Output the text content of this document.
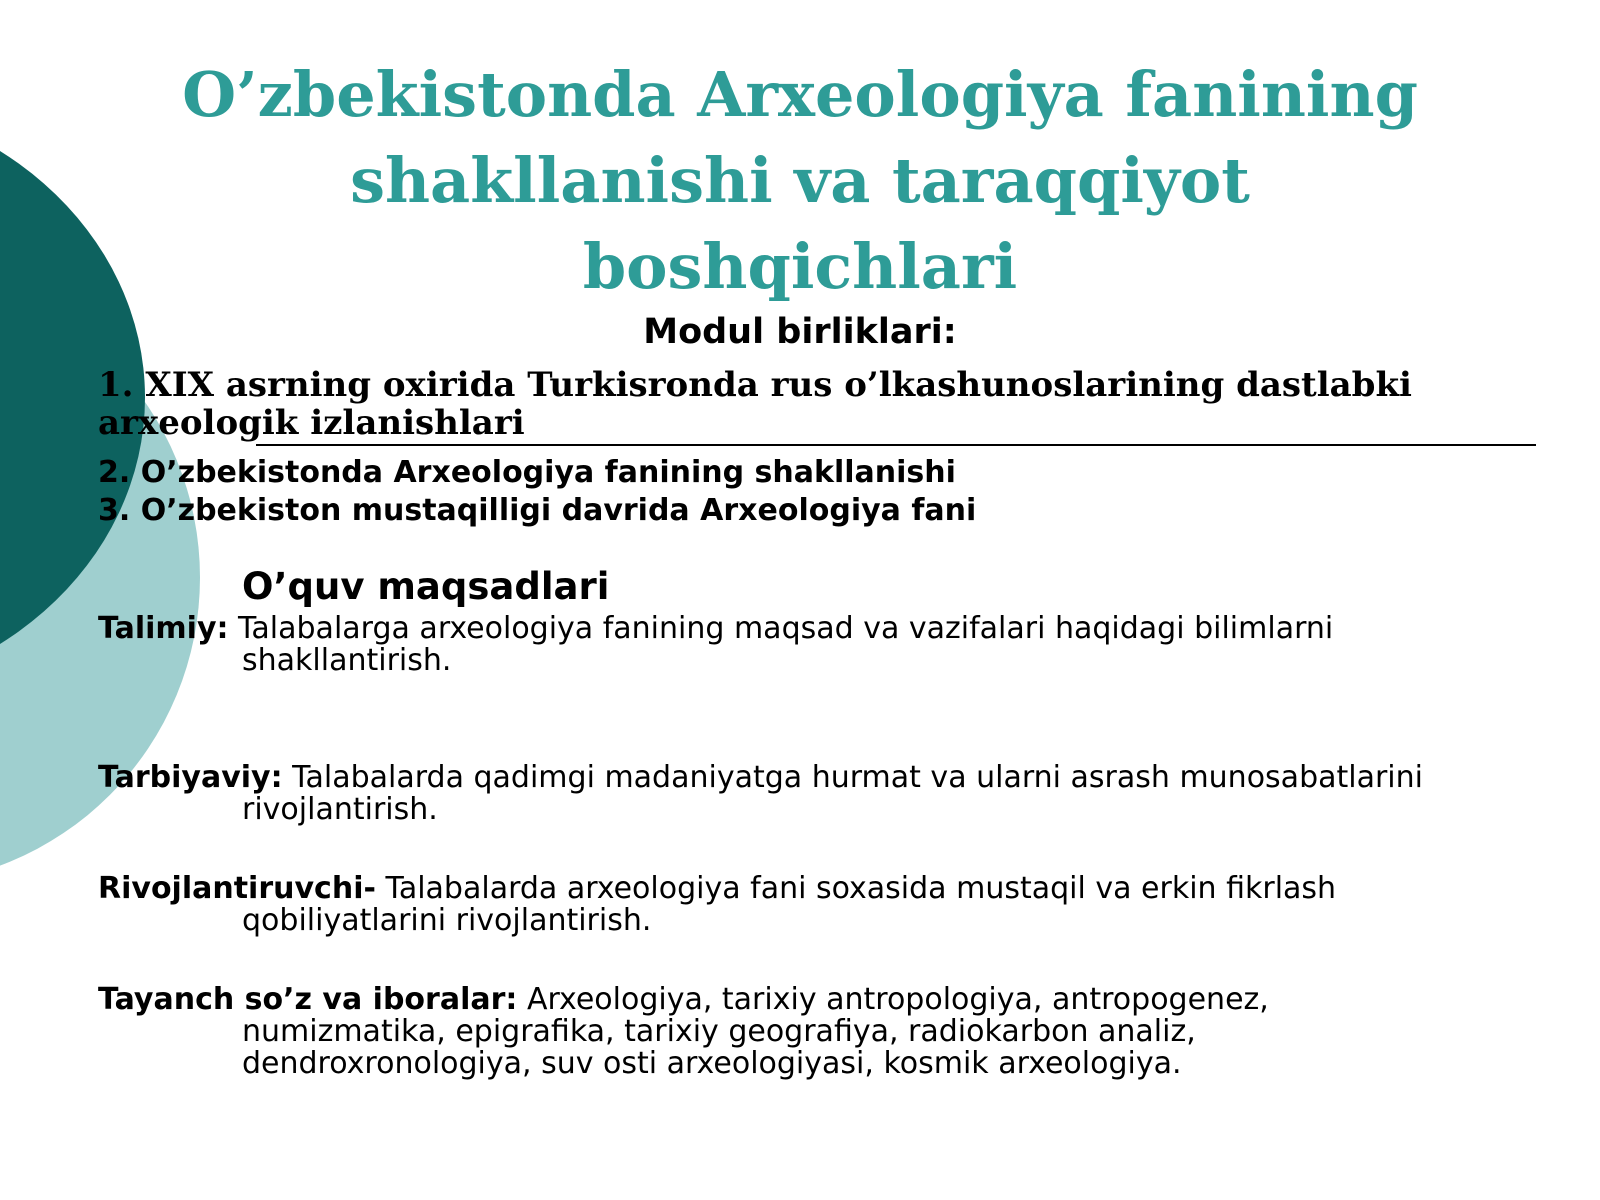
O’zbekistonda Arxeologiya fanining
shakllanishi va taraqqiyot boshqichlari
Modul birliklari:

1. XIX asrning oxirida Turkisronda rus o’lkashunoslarining dastlabki arxeologik izlanishlari

2. O’zbekistonda Arxeologiya fanining shakllanishi

3. O’zbekiston mustaqilligi davrida Arxeologiya fani

O’quv maqsadlari
Talimiy: Talabalarga arxeologiya fanining maqsad va vazifalari haqidagi bilimlarni
shakllantirish.
Tarbiyaviy: Talabalarda qadimgi madaniyatga hurmat va ularni asrash munosabatlarini
rivojlantirish.
Rivojlantiruvchi- Talabalarda arxeologiya fani soxasida mustaqil va erkin fikrlash
qobiliyatlarini rivojlantirish.
Tayanch so’z va iboralar: Arxeologiya, tarixiy antropologiya, antropogenez,
numizmatika, epigrafika, tarixiy geografiya, radiokarbon analiz,
dendroxronologiya, suv osti arxeologiyasi, kosmik arxeologiya.
